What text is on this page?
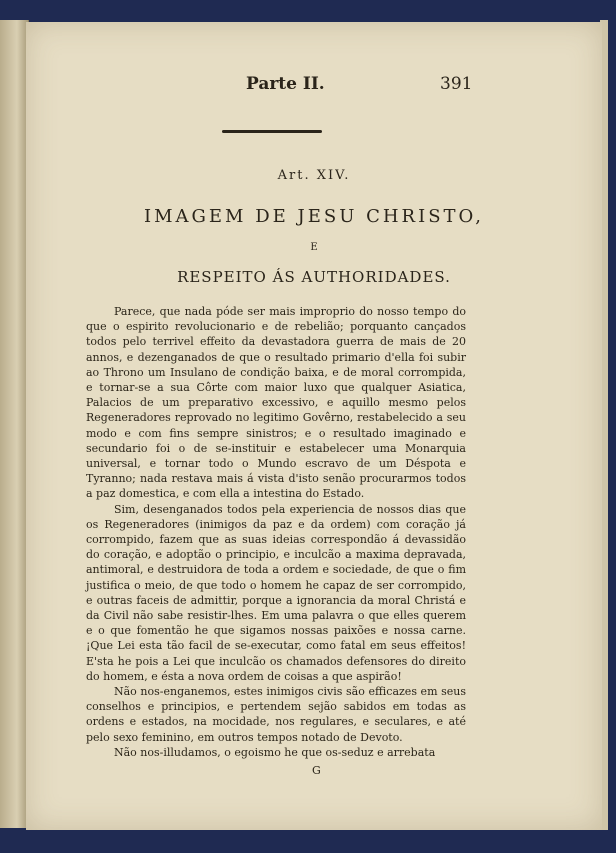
Parte II.	391
Art. XIV.
IMAGEM DE JESU CHRISTO,
E
RESPEITO ÁS AUTHORIDADES.

Parece, que nada póde ser mais improprio do nosso tempo do que o espirito revolucionario e de rebelião; porquanto cançados todos pelo terrivel effeito da devastadora guerra de mais de 20 annos, e dezenganados de que o resultado primario d'ella foi subir ao Throno um Insulano de condição baixa, e de moral corrompida, e tornar-se a sua Côrte com maior luxo que qualquer Asiatica, Palacios de um preparativo excessivo, e aquillo mesmo pelos Regeneradores reprovado no legitimo Govêrno, restabelecido a seu modo e com fins sempre sinistros; e o resultado imaginado e secundario foi o de se-instituir e estabelecer uma Monarquia universal, e tornar todo o Mundo escravo de um Déspota e Tyranno; nada restava mais á vista d'isto senão procurarmos todos a paz domestica, e com ella a intestina do Estado.

Sim, desenganados todos pela experiencia de nossos dias que os Regeneradores (inimigos da paz e da ordem) com coração já corrompido, fazem que as suas ideias correspondão á devassidão do coração, e adoptão o principio, e inculcão a maxima depravada, antimoral, e destruidora de toda a ordem e sociedade, de que o fim justifica o meio, de que todo o homem he capaz de ser corrompido, e outras faceis de admittir, porque a ignorancia da moral Christá e da Civil não sabe resistir-lhes. Em uma palavra o que elles querem e o que fomentão he que sigamos nossas paixões e nossa carne. ¡Que Lei esta tão facil de se-executar, como fatal em seus effeitos! E'sta he pois a Lei que inculcão os chamados defensores do direito do homem, e ésta a nova ordem de coisas a que aspirão!

Não nos-enganemos, estes inimigos civis são efficazes em seus conselhos e principios, e pertendem sejão sabidos em todas as ordens e estados, na mocidade, nos regulares, e seculares, e até pelo sexo feminino, em outros tempos notado de Devoto.

Não nos-illudamos, o egoismo he que os-seduz e arrebata

G
